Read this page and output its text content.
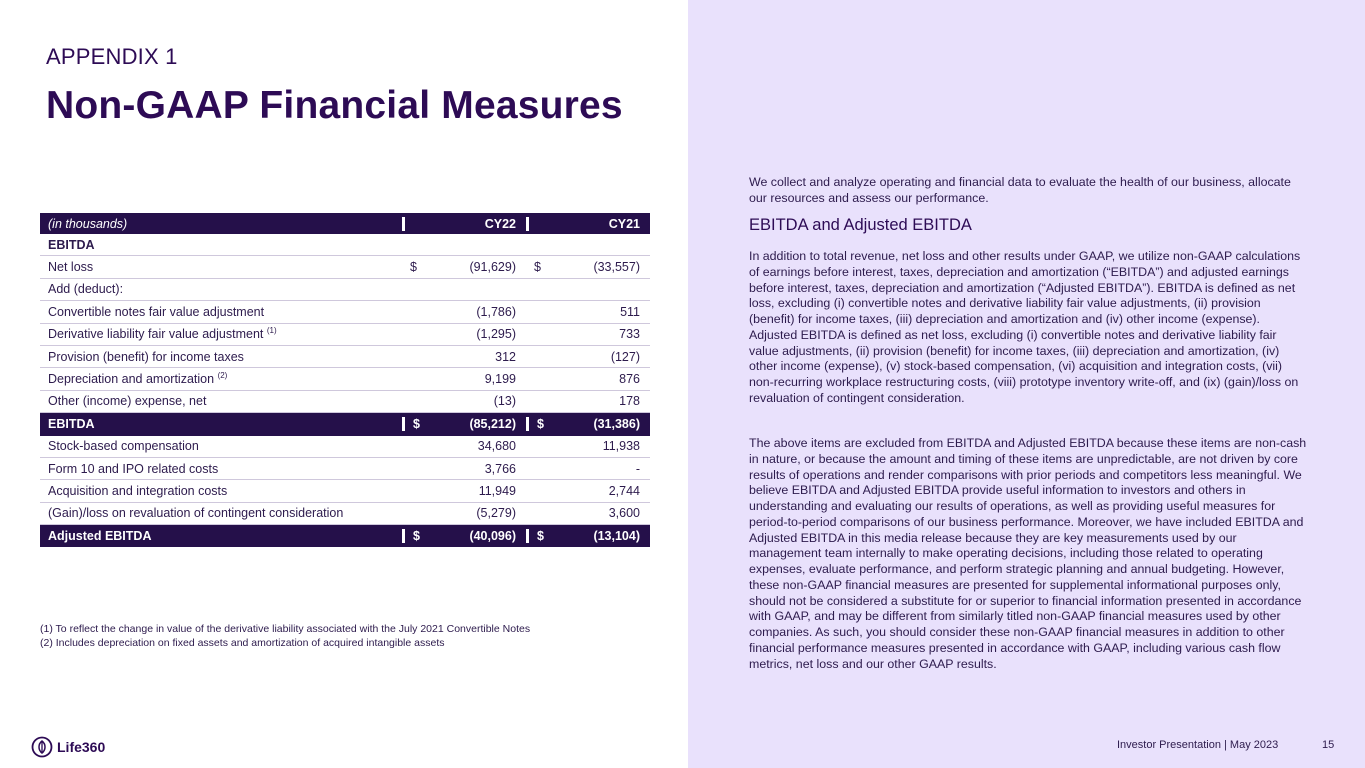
APPENDIX 1
Non-GAAP Financial Measures
(in thousands)	CY22	CY21
EBITDA
Net loss	$	(91,629) $	(33,557)
Add (deduct):
Convertible notes fair value adjustment	(1,786)	511
Derivative liability fair value adjustment $^{(1)}$	(1,295)	733
Provision (benefit) for income taxes	312	(127)
Depreciation and amortization $^{(2)}$	9,199	876
Other (income) expense, net	(13)	178
EBITDA	$	(85,212) $	(31,386)
Stock-based compensation	34,680	11,938
Form 10 and IPO related costs	3,766	-
Acquisition and integration costs	11,949	2,744
(Gain)/loss on revaluation of contingent consideration	(5,279)	3,600
Adjusted EBITDA	$	(40,096) $	(13,104)
(1) To reflect the change in value of the derivative liability associated with the July 2021 Convertible Notes
(2) Includes depreciation on fixed assets and amortization of acquired intangible assets
We collect and analyze operating and financial data to evaluate the health of our business, allocate our resources and assess our performance.
EBITDA and Adjusted EBITDA
In addition to total revenue, net loss and other results under GAAP, we utilize non-GAAP calculations of earnings before interest, taxes, depreciation and amortization (“EBITDA”) and adjusted earnings before interest, taxes, depreciation and amortization (“Adjusted EBITDA”). EBITDA is defined as net loss, excluding (i) convertible notes and derivative liability fair value adjustments, (ii) provision (benefit) for income taxes, (iii) depreciation and amortization and (iv) other income (expense). Adjusted EBITDA is defined as net loss, excluding (i) convertible notes and derivative liability fair value adjustments, (ii) provision (benefit) for income taxes, (iii) depreciation and amortization, (iv) other income (expense), (v) stock-based compensation, (vi) acquisition and integration costs, (vii) non-recurring workplace restructuring costs, (viii) prototype inventory write-off, and (ix) (gain)/loss on revaluation of contingent consideration.
The above items are excluded from EBITDA and Adjusted EBITDA because these items are non-cash in nature, or because the amount and timing of these items are unpredictable, are not driven by core results of operations and render comparisons with prior periods and competitors less meaningful. We believe EBITDA and Adjusted EBITDA provide useful information to investors and others in understanding and evaluating our results of operations, as well as providing useful measures for period-to-period comparisons of our business performance. Moreover, we have included EBITDA and Adjusted EBITDA in this media release because they are key measurements used by our management team internally to make operating decisions, including those related to operating expenses, evaluate performance, and perform strategic planning and annual budgeting. However, these non-GAAP financial measures are presented for supplemental informational purposes only, should not be considered a substitute for or superior to financial information presented in accordance with GAAP, and may be different from similarly titled non-GAAP financial measures used by other companies. As such, you should consider these non-GAAP financial measures in addition to other financial performance measures presented in accordance with GAAP, including various cash flow metrics, net loss and our other GAAP results.
Life360	Investor Presentation | May 2023	15
